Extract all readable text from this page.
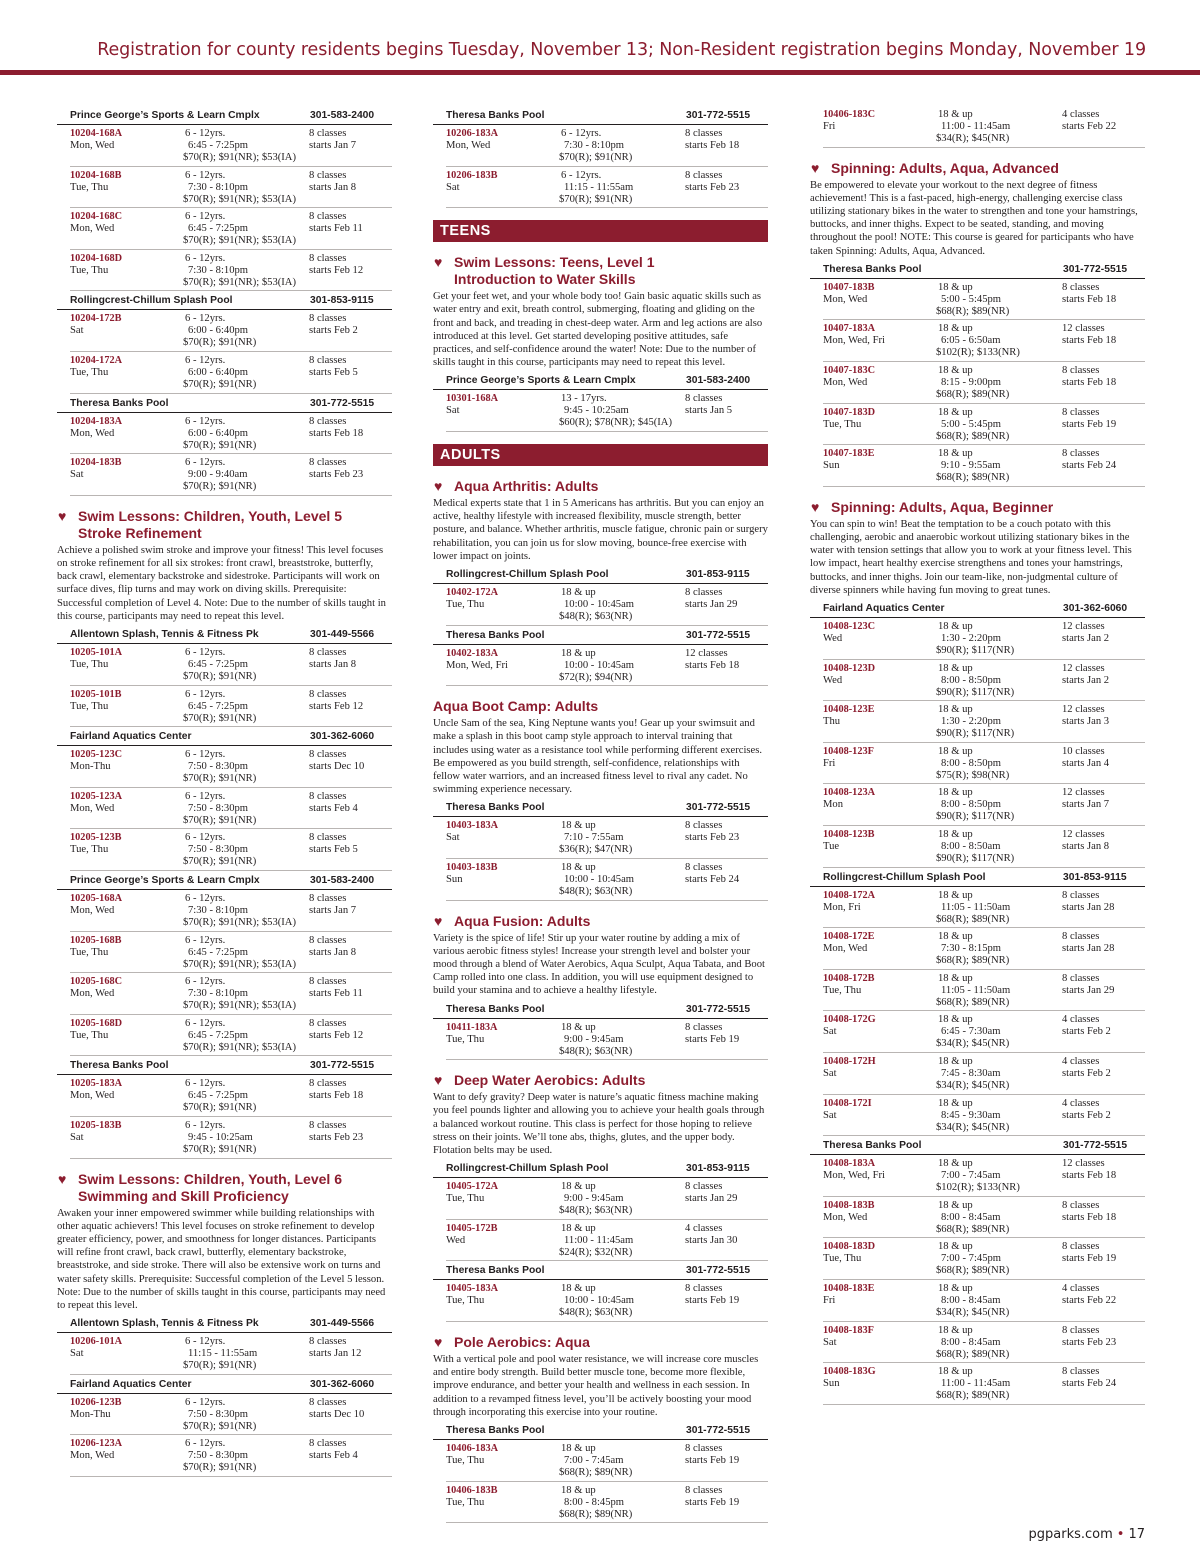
Registration for county residents begins Tuesday, November 13; Non-Resident registration begins Monday, November 19
Prince George’s Sports & Learn Cmplx	301-583-2400
10204-168A
Mon, Wed
6 - 12yrs.
6:45 - 7:25pm
$70(R); $91(NR); $53(IA)
8 classes
starts Jan 7
10204-168B
Tue, Thu
6 - 12yrs.
7:30 - 8:10pm
$70(R); $91(NR); $53(IA)
8 classes
starts Jan 8
10204-168C
Mon, Wed
6 - 12yrs.
6:45 - 7:25pm
$70(R); $91(NR); $53(IA)
8 classes
starts Feb 11
10204-168D
Tue, Thu
6 - 12yrs.
7:30 - 8:10pm
$70(R); $91(NR); $53(IA)
8 classes
starts Feb 12
Rollingcrest-Chillum Splash Pool	301-853-9115
10204-172B
Sat
6 - 12yrs.
6:00 - 6:40pm
$70(R); $91(NR)
8 classes
starts Feb 2
10204-172A
Tue, Thu
6 - 12yrs.
6:00 - 6:40pm
$70(R); $91(NR)
8 classes
starts Feb 5
Theresa Banks Pool	301-772-5515
10204-183A
Mon, Wed
6 - 12yrs.
6:00 - 6:40pm
$70(R); $91(NR)
8 classes
starts Feb 18
10204-183B
Sat
6 - 12yrs.
9:00 - 9:40am
$70(R); $91(NR)
8 classes
starts Feb 23
♥ Swim Lessons: Children, Youth, Level 5
Stroke Refinement

Achieve a polished swim stroke and improve your fitness! This level focuses on stroke refinement for all six strokes: front crawl, breaststroke, butterfly, back crawl, elementary backstroke and sidestroke. Participants will work on surface dives, flip turns and may work on diving skills. Prerequisite: Successful completion of Level 4. Note: Due to the number of skills taught in this course, participants may need to repeat this level.

Allentown Splash, Tennis & Fitness Pk	301-449-5566
10205-101A
Tue, Thu
6 - 12yrs.
6:45 - 7:25pm
$70(R); $91(NR)
8 classes
starts Jan 8
10205-101B
Tue, Thu
6 - 12yrs.
6:45 - 7:25pm
$70(R); $91(NR)
8 classes
starts Feb 12
Fairland Aquatics Center	301-362-6060
10205-123C
Mon-Thu
6 - 12yrs.
7:50 - 8:30pm
$70(R); $91(NR)
8 classes
starts Dec 10
10205-123A
Mon, Wed
6 - 12yrs.
7:50 - 8:30pm
$70(R); $91(NR)
8 classes
starts Feb 4
10205-123B
Tue, Thu
6 - 12yrs.
7:50 - 8:30pm
$70(R); $91(NR)
8 classes
starts Feb 5
Prince George’s Sports & Learn Cmplx	301-583-2400
10205-168A
Mon, Wed
6 - 12yrs.
7:30 - 8:10pm
$70(R); $91(NR); $53(IA)
8 classes
starts Jan 7
10205-168B
Tue, Thu
6 - 12yrs.
6:45 - 7:25pm
$70(R); $91(NR); $53(IA)
8 classes
starts Jan 8
10205-168C
Mon, Wed
6 - 12yrs.
7:30 - 8:10pm
$70(R); $91(NR); $53(IA)
8 classes
starts Feb 11
10205-168D
Tue, Thu
6 - 12yrs.
6:45 - 7:25pm
$70(R); $91(NR); $53(IA)
8 classes
starts Feb 12
Theresa Banks Pool	301-772-5515
10205-183A
Mon, Wed
6 - 12yrs.
6:45 - 7:25pm
$70(R); $91(NR)
8 classes
starts Feb 18
10205-183B
Sat
6 - 12yrs.
9:45 - 10:25am
$70(R); $91(NR)
8 classes
starts Feb 23
♥ Swim Lessons: Children, Youth, Level 6
Swimming and Skill Proficiency

Awaken your inner empowered swimmer while building relationships with other aquatic achievers! This level focuses on stroke refinement to develop greater efficiency, power, and smoothness for longer distances. Participants will refine front crawl, back crawl, butterfly, elementary backstroke, breaststroke, and side stroke. There will also be extensive work on turns and water safety skills. Prerequisite: Successful completion of the Level 5 lesson. Note: Due to the number of skills taught in this course, participants may need to repeat this level.

Allentown Splash, Tennis & Fitness Pk	301-449-5566
10206-101A
Sat
6 - 12yrs.
11:15 - 11:55am
$70(R); $91(NR)
8 classes
starts Jan 12
Fairland Aquatics Center	301-362-6060
10206-123B
Mon-Thu
6 - 12yrs.
7:50 - 8:30pm
$70(R); $91(NR)
8 classes
starts Dec 10
10206-123A
Mon, Wed
6 - 12yrs.
7:50 - 8:30pm
$70(R); $91(NR)
8 classes
starts Feb 4
Theresa Banks Pool	301-772-5515
10206-183A
Mon, Wed
6 - 12yrs.
7:30 - 8:10pm
$70(R); $91(NR)
8 classes
starts Feb 18
10206-183B
Sat
6 - 12yrs.
11:15 - 11:55am
$70(R); $91(NR)
8 classes
starts Feb 23
TEENS
♥ Swim Lessons: Teens, Level 1
Introduction to Water Skills

Get your feet wet, and your whole body too! Gain basic aquatic skills such as water entry and exit, breath control, submerging, floating and gliding on the front and back, and treading in chest-deep water. Arm and leg actions are also introduced at this level. Get started developing positive attitudes, safe practices, and self-confidence around the water! Note: Due to the number of skills taught in this course, participants may need to repeat this level.

Prince George’s Sports & Learn Cmplx	301-583-2400
10301-168A
Sat
13 - 17yrs.
9:45 - 10:25am
$60(R); $78(NR); $45(IA)
8 classes
starts Jan 5
ADULTS
♥ Aqua Arthritis: Adults

Medical experts state that 1 in 5 Americans has arthritis. But you can enjoy an active, healthy lifestyle with increased flexibility, muscle strength, better posture, and balance. Whether arthritis, muscle fatigue, chronic pain or surgery rehabilitation, you can join us for slow moving, bounce-free exercise with lower impact on joints.

Rollingcrest-Chillum Splash Pool	301-853-9115
10402-172A
Tue, Thu
18 & up
10:00 - 10:45am
$48(R); $63(NR)
8 classes
starts Jan 29
Theresa Banks Pool	301-772-5515
10402-183A
Mon, Wed, Fri
18 & up
10:00 - 10:45am
$72(R); $94(NR)
12 classes
starts Feb 18
Aqua Boot Camp: Adults

Uncle Sam of the sea, King Neptune wants you! Gear up your swimsuit and make a splash in this boot camp style approach to interval training that includes using water as a resistance tool while performing different exercises. Be empowered as you build strength, self-confidence, relationships with fellow water warriors, and an increased fitness level to rival any cadet. No swimming experience necessary.

Theresa Banks Pool	301-772-5515
10403-183A
Sat
18 & up
7:10 - 7:55am
$36(R); $47(NR)
8 classes
starts Feb 23
10403-183B
Sun
18 & up
10:00 - 10:45am
$48(R); $63(NR)
8 classes
starts Feb 24
♥ Aqua Fusion: Adults

Variety is the spice of life! Stir up your water routine by adding a mix of various aerobic fitness styles! Increase your strength level and bolster your mood through a blend of Water Aerobics, Aqua Sculpt, Aqua Tabata, and Boot Camp rolled into one class. In addition, you will use equipment designed to build your stamina and to achieve a healthy lifestyle.

Theresa Banks Pool	301-772-5515
10411-183A
Tue, Thu
18 & up
9:00 - 9:45am
$48(R); $63(NR)
8 classes
starts Feb 19
♥ Deep Water Aerobics: Adults

Want to defy gravity? Deep water is nature’s aquatic fitness machine making you feel pounds lighter and allowing you to achieve your health goals through a balanced workout routine. This class is perfect for those hoping to relieve stress on their joints. We’ll tone abs, thighs, glutes, and the upper body. Flotation belts may be used.

Rollingcrest-Chillum Splash Pool	301-853-9115
10405-172A
Tue, Thu
18 & up
9:00 - 9:45am
$48(R); $63(NR)
8 classes
starts Jan 29
10405-172B
Wed
18 & up
11:00 - 11:45am
$24(R); $32(NR)
4 classes
starts Jan 30
Theresa Banks Pool	301-772-5515
10405-183A
Tue, Thu
18 & up
10:00 - 10:45am
$48(R); $63(NR)
8 classes
starts Feb 19
♥ Pole Aerobics: Aqua

With a vertical pole and pool water resistance, we will increase core muscles and entire body strength. Build better muscle tone, become more flexible, improve endurance, and better your health and wellness in each session. In addition to a revamped fitness level, you’ll be actively boosting your mood through incorporating this exercise into your routine.

Theresa Banks Pool	301-772-5515
10406-183A
Tue, Thu
18 & up
7:00 - 7:45am
$68(R); $89(NR)
8 classes
starts Feb 19
10406-183B
Tue, Thu
18 & up
8:00 - 8:45pm
$68(R); $89(NR)
8 classes
starts Feb 19
10406-183C
Fri
18 & up
11:00 - 11:45am
$34(R); $45(NR)
4 classes
starts Feb 22
♥ Spinning: Adults, Aqua, Advanced

Be empowered to elevate your workout to the next degree of fitness achievement! This is a fast-paced, high-energy, challenging exercise class utilizing stationary bikes in the water to strengthen and tone your hamstrings, buttocks, and inner thighs. Expect to be seated, standing, and moving throughout the pool! NOTE: This course is geared for participants who have taken Spinning: Adults, Aqua, Advanced.

Theresa Banks Pool	301-772-5515
10407-183B
Mon, Wed
18 & up
5:00 - 5:45pm
$68(R); $89(NR)
8 classes
starts Feb 18
10407-183A
Mon, Wed, Fri
18 & up
6:05 - 6:50am
$102(R); $133(NR)
12 classes
starts Feb 18
10407-183C
Mon, Wed
18 & up
8:15 - 9:00pm
$68(R); $89(NR)
8 classes
starts Feb 18
10407-183D
Tue, Thu
18 & up
5:00 - 5:45pm
$68(R); $89(NR)
8 classes
starts Feb 19
10407-183E
Sun
18 & up
9:10 - 9:55am
$68(R); $89(NR)
8 classes
starts Feb 24
♥ Spinning: Adults, Aqua, Beginner

You can spin to win! Beat the temptation to be a couch potato with this challenging, aerobic and anaerobic workout utilizing stationary bikes in the water with tension settings that allow you to work at your fitness level. This low impact, heart healthy exercise strengthens and tones your hamstrings, buttocks, and inner thighs. Join our team-like, non-judgmental culture of diverse spinners while having fun moving to great tunes.

Fairland Aquatics Center	301-362-6060
10408-123C
Wed
18 & up
1:30 - 2:20pm
$90(R); $117(NR)
12 classes
starts Jan 2
10408-123D
Wed
18 & up
8:00 - 8:50pm
$90(R); $117(NR)
12 classes
starts Jan 2
10408-123E
Thu
18 & up
1:30 - 2:20pm
$90(R); $117(NR)
12 classes
starts Jan 3
10408-123F
Fri
18 & up
8:00 - 8:50pm
$75(R); $98(NR)
10 classes
starts Jan 4
10408-123A
Mon
18 & up
8:00 - 8:50pm
$90(R); $117(NR)
12 classes
starts Jan 7
10408-123B
Tue
18 & up
8:00 - 8:50am
$90(R); $117(NR)
12 classes
starts Jan 8
Rollingcrest-Chillum Splash Pool	301-853-9115
10408-172A
Mon, Fri
18 & up
11:05 - 11:50am
$68(R); $89(NR)
8 classes
starts Jan 28
10408-172E
Mon, Wed
18 & up
7:30 - 8:15pm
$68(R); $89(NR)
8 classes
starts Jan 28
10408-172B
Tue, Thu
18 & up
11:05 - 11:50am
$68(R); $89(NR)
8 classes
starts Jan 29
10408-172G
Sat
18 & up
6:45 - 7:30am
$34(R); $45(NR)
4 classes
starts Feb 2
10408-172H
Sat
18 & up
7:45 - 8:30am
$34(R); $45(NR)
4 classes
starts Feb 2
10408-172I
Sat
18 & up
8:45 - 9:30am
$34(R); $45(NR)
4 classes
starts Feb 2
Theresa Banks Pool	301-772-5515
10408-183A
Mon, Wed, Fri
18 & up
7:00 - 7:45am
$102(R); $133(NR)
12 classes
starts Feb 18
10408-183B
Mon, Wed
18 & up
8:00 - 8:45am
$68(R); $89(NR)
8 classes
starts Feb 18
10408-183D
Tue, Thu
18 & up
7:00 - 7:45pm
$68(R); $89(NR)
8 classes
starts Feb 19
10408-183E
Fri
18 & up
8:00 - 8:45am
$34(R); $45(NR)
4 classes
starts Feb 22
10408-183F
Sat
18 & up
8:00 - 8:45am
$68(R); $89(NR)
8 classes
starts Feb 23
10408-183G
Sun
18 & up
11:00 - 11:45am
$68(R); $89(NR)
8 classes
starts Feb 24
pgparks.com • 17
